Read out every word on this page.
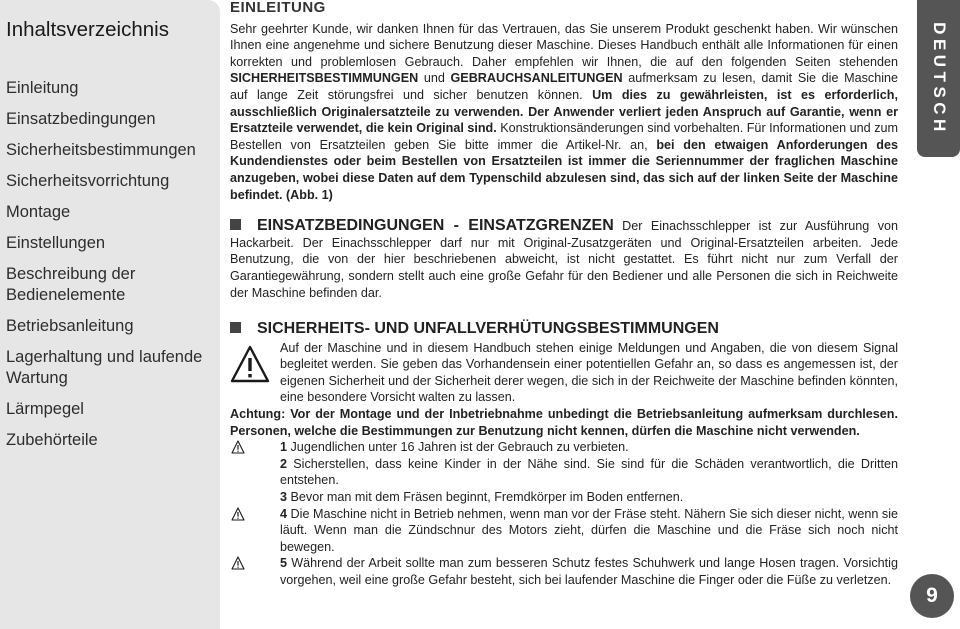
Inhaltsverzeichnis
Einleitung
Einsatzbedingungen
Sicherheitsbestimmungen
Sicherheitsvorrichtung
Montage
Einstellungen
Beschreibung der Bedienelemente
Betriebsanleitung
Lagerhaltung und laufende Wartung
Lärmpegel
Zubehörteile
EINLEITUNG

Sehr geehrter Kunde, wir danken Ihnen für das Vertrauen, das Sie unserem Produkt geschenkt haben. Wir wünschen Ihnen eine angenehme und sichere Benutzung dieser Maschine. Dieses Handbuch enthält alle Informationen für einen korrekten und problemlosen Gebrauch. Daher empfehlen wir Ihnen, die auf den folgenden Seiten stehenden SICHERHEITSBESTIMMUNGEN und GEBRAUCHSANLEITUNGEN aufmerksam zu lesen, damit Sie die Maschine auf lange Zeit störungsfrei und sicher benutzen können. Um dies zu gewährleisten, ist es erforderlich, ausschließlich Originalersatzteile zu verwenden. Der Anwender verliert jeden Anspruch auf Garantie, wenn er Ersatzteile verwendet, die kein Original sind. Konstruktionsänderungen sind vorbehalten. Für Informationen und zum Bestellen von Ersatzteilen geben Sie bitte immer die Artikel-Nr. an, bei den etwaigen Anforderungen des Kundendienstes oder beim Bestellen von Ersatzteilen ist immer die Seriennummer der fraglichen Maschine anzugeben, wobei diese Daten auf dem Typenschild abzulesen sind, das sich auf der linken Seite der Maschine befindet. (Abb. 1)

EINSATZBEDINGUNGEN - EINSATZGRENZEN Der Einachsschlepper ist zur Ausführung von Hackarbeit. Der Einachsschlepper darf nur mit Original-Zusatzgeräten und Original-Ersatzteilen arbeiten. Jede Benutzung, die von der hier beschriebenen abweicht, ist nicht gestattet. Es führt nicht nur zum Verfall der Garantiegewährung, sondern stellt auch eine große Gefahr für den Bediener und alle Personen die sich in Reichweite der Maschine befinden dar.

SICHERHEITS- UND UNFALLVERHÜTUNGSBESTIMMUNGEN

Auf der Maschine und in diesem Handbuch stehen einige Meldungen und Angaben, die von diesem Signal begleitet werden. Sie geben das Vorhandensein einer potentiellen Gefahr an, so dass es angemessen ist, der eigenen Sicherheit und der Sicherheit derer wegen, die sich in der Reichweite der Maschine befinden könnten, eine besondere Vorsicht walten zu lassen.

Achtung: Vor der Montage und der Inbetriebnahme unbedingt die Betriebsanleitung aufmerksam durchlesen. Personen, welche die Bestimmungen zur Benutzung nicht kennen, dürfen die Maschine nicht verwenden.

1 Jugendlichen unter 16 Jahren ist der Gebrauch zu verbieten.

2 Sicherstellen, dass keine Kinder in der Nähe sind. Sie sind für die Schäden verantwortlich, die Dritten entstehen.

3 Bevor man mit dem Fräsen beginnt, Fremdkörper im Boden entfernen.

4 Die Maschine nicht in Betrieb nehmen, wenn man vor der Fräse steht. Nähern Sie sich dieser nicht, wenn sie läuft. Wenn man die Zündschnur des Motors zieht, dürfen die Maschine und die Fräse sich noch nicht bewegen.

5 Während der Arbeit sollte man zum besseren Schutz festes Schuhwerk und lange Hosen tragen. Vorsichtig vorgehen, weil eine große Gefahr besteht, sich bei laufender Maschine die Finger oder die Füße zu verletzen.

DEUTSCH
9
